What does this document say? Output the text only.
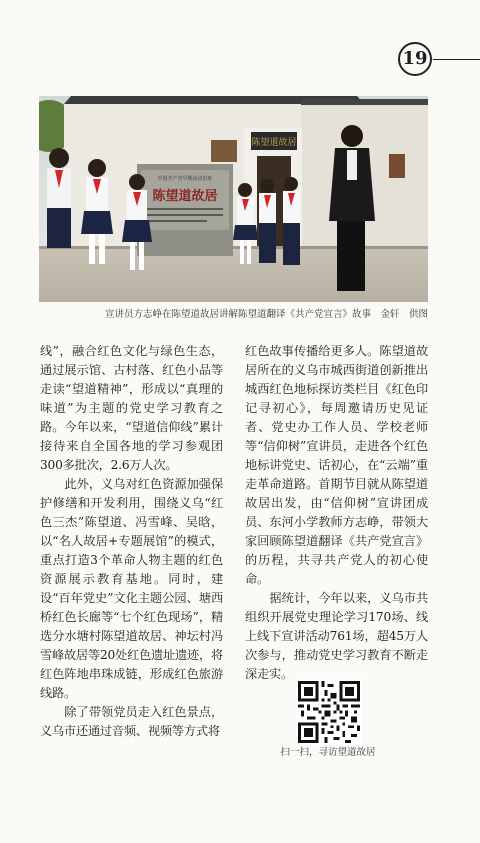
19
陈望道故居
中国共产党早期活动旧址
陈望道故居
宣讲员方志峥在陈望道故居讲解陈望道翻译《共产党宣言》故事　金轩　供图

线”，融合红色文化与绿色生态，通过展示馆、古村落、红色小品等走读“望道精神”，形成以“真理的味道”为主题的党史学习教育之路。今年以来，“望道信仰线”累计接待来自全国各地的学习参观团300多批次，2.6万人次。

此外，义乌对红色资源加强保护修缮和开发利用，围绕义乌“红色三杰”陈望道、冯雪峰、吴晗，以“名人故居+专题展馆”的模式，重点打造3个革命人物主题的红色资源展示教育基地。同时，建设“百年党史”文化主题公园、塘西桥红色长廊等“七个红色现场”，精选分水塘村陈望道故居、神坛村冯雪峰故居等20处红色遗址遗迹，将红色阵地串珠成链，形成红色旅游线路。

除了带领党员走入红色景点，义乌市还通过音频、视频等方式将

红色故事传播给更多人。陈望道故居所在的义乌市城西街道创新推出城西红色地标探访类栏目《红色印记寻初心》，每周邀请历史见证者、党史办工作人员、学校老师等“信仰树”宣讲员，走进各个红色地标讲党史、话初心，在“云端”重走革命道路。首期节目就从陈望道故居出发，由“信仰树”宣讲团成员、东河小学教师方志峥，带领大家回顾陈望道翻译《共产党宣言》的历程，共寻共产党人的初心使命。

据统计，今年以来，义乌市共组织开展党史理论学习170场、线上线下宣讲活动761场，超45万人次参与，推动党史学习教育不断走深走实。

扫一扫，寻访望道故居
